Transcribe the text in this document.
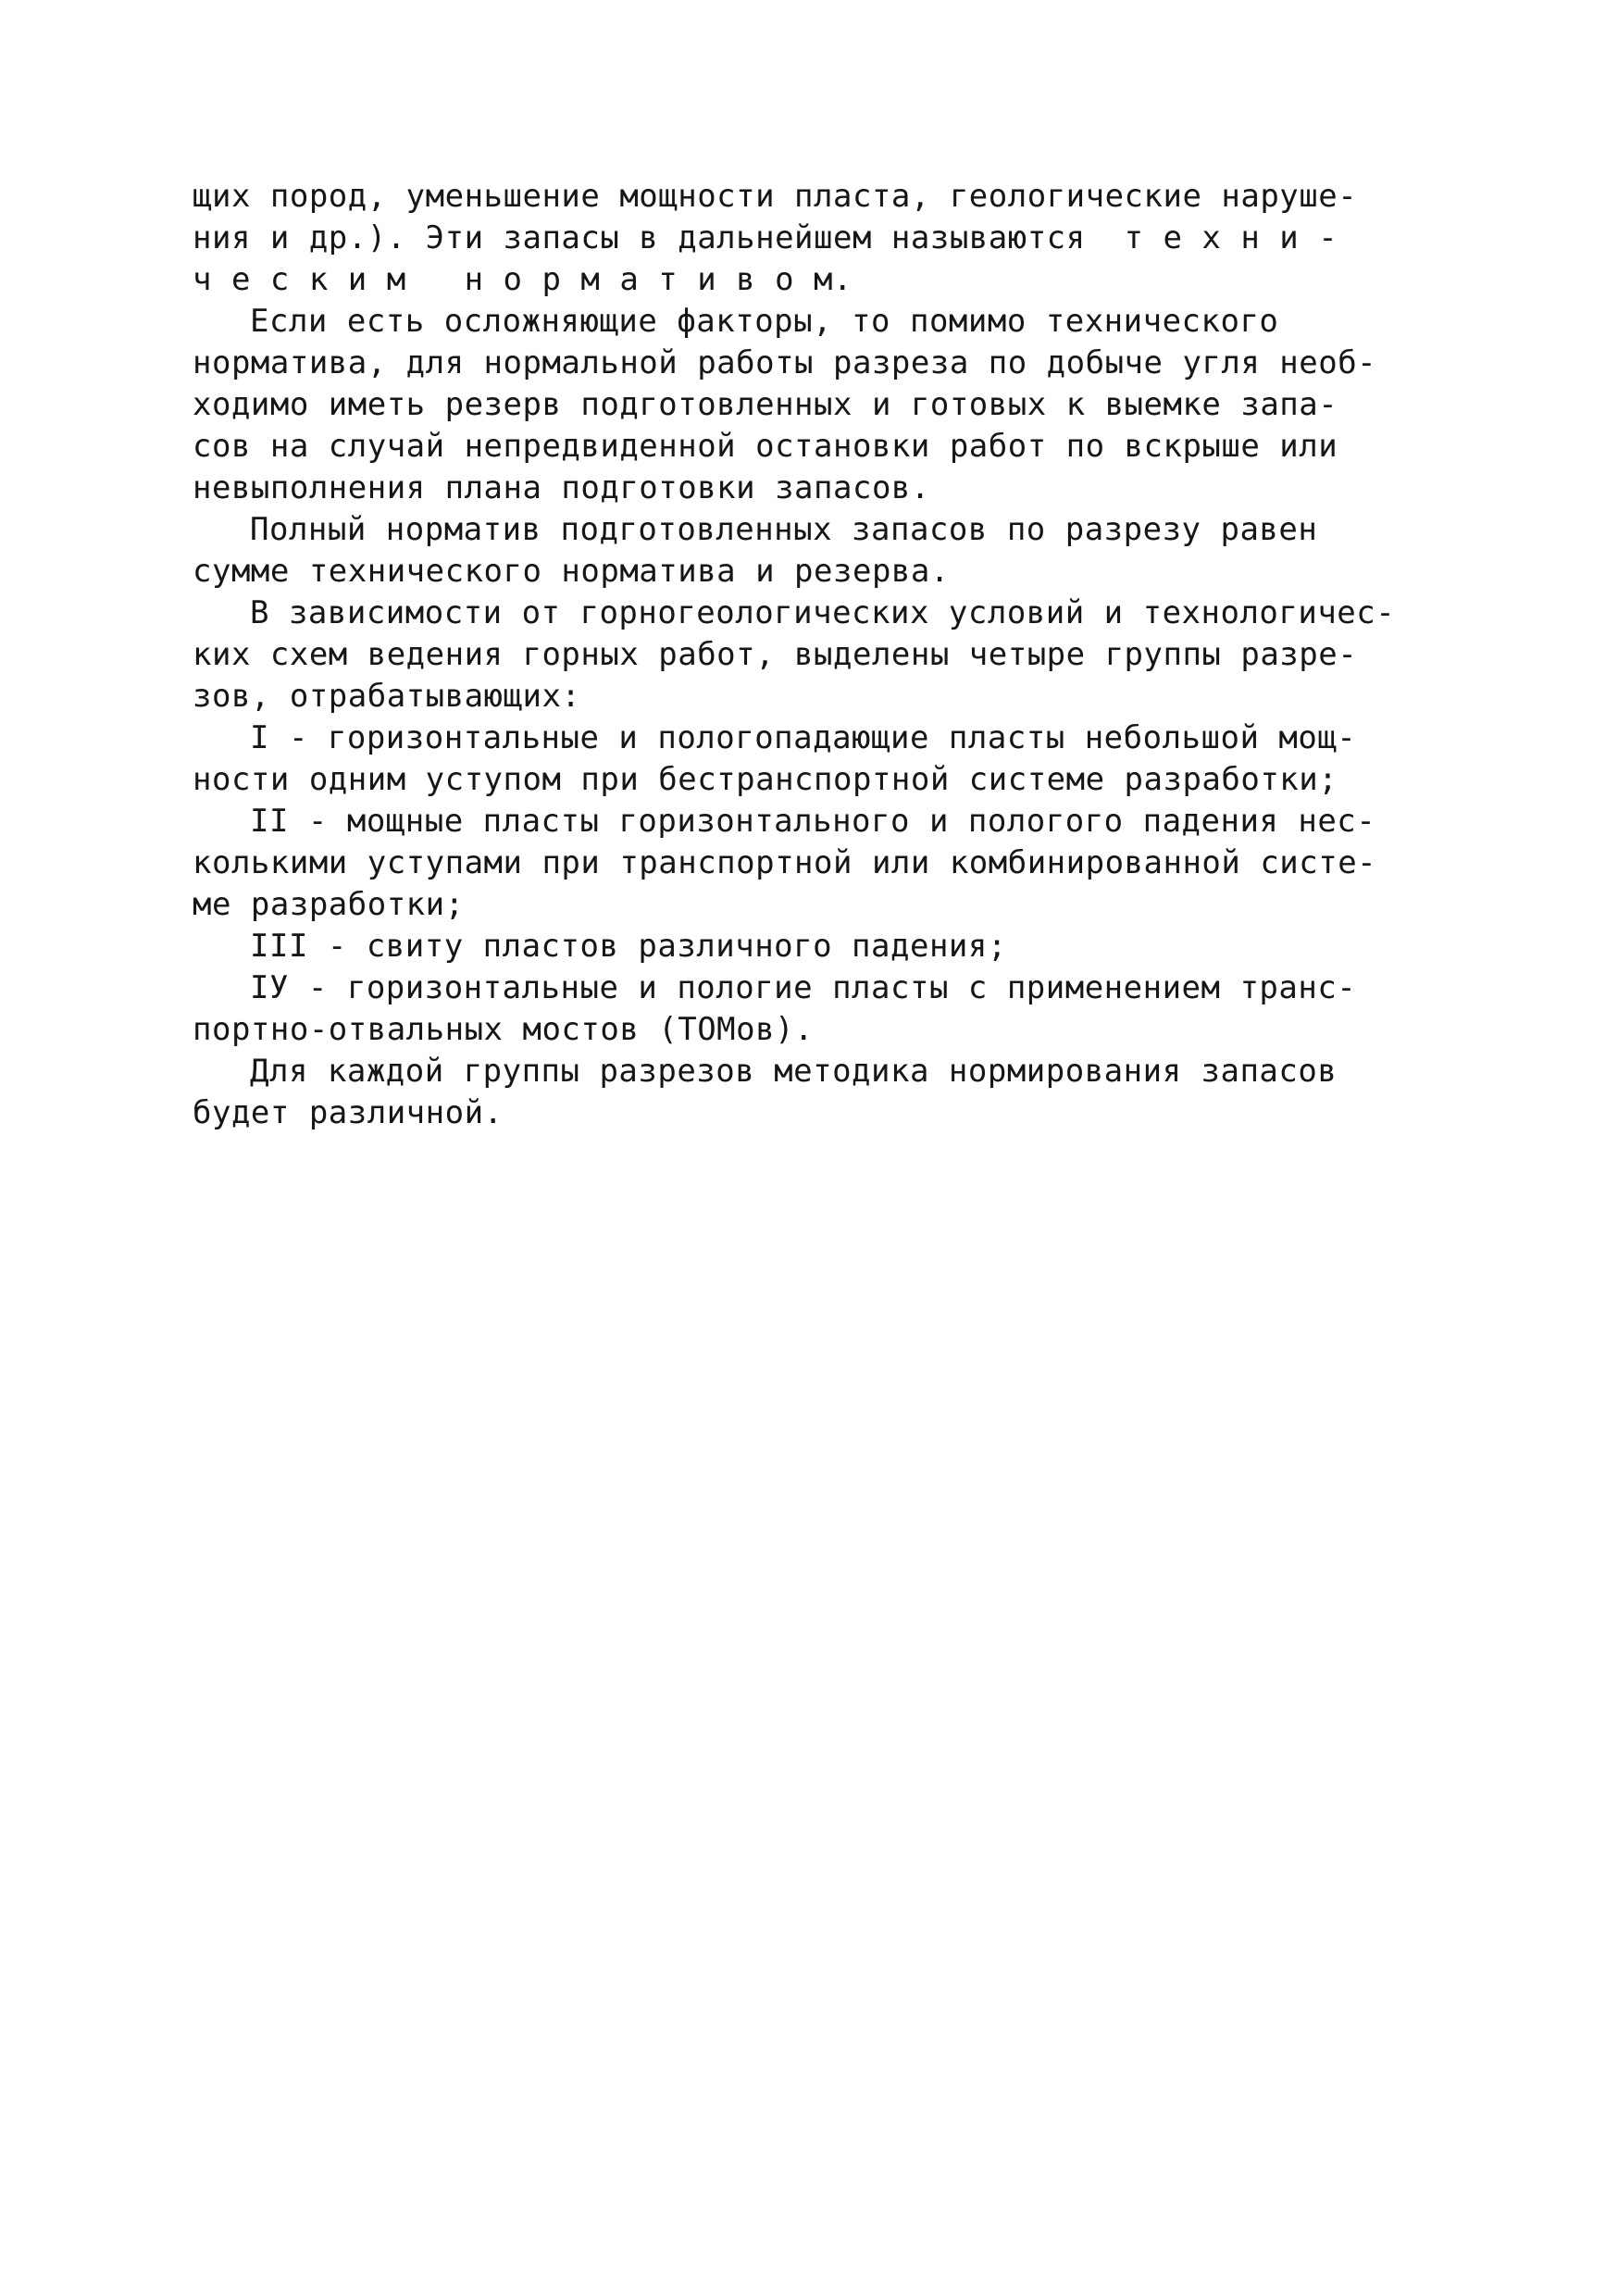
щих пород, уменьшение мощности пласта, геологические наруше-
ния и др.). Эти запасы в дальнейшем называются  т е х н и -
ч е с к и м   н о р м а т и в о м.
Если есть осложняющие факторы, то помимо технического
норматива, для нормальной работы разреза по добыче угля необ-
ходимо иметь резерв подготовленных и готовых к выемке запа-
сов на случай непредвиденной остановки работ по вскрыше или
невыполнения плана подготовки запасов.
Полный норматив подготовленных запасов по разрезу равен
сумме технического норматива и резерва.
В зависимости от горногеологических условий и технологичес-
ких схем ведения горных работ, выделены четыре группы разре-
зов, отрабатывающих:
I - горизонтальные и пологопадающие пласты небольшой мощ-
ности одним уступом при бестранспортной системе разработки;
II - мощные пласты горизонтального и пологого падения нес-
колькими уступами при транспортной или комбинированной систе-
ме разработки;
III - свиту пластов различного падения;
IУ - горизонтальные и пологие пласты с применением транс-
портно-отвальных мостов (ТОМов).
Для каждой группы разрезов методика нормирования запасов
будет различной.
